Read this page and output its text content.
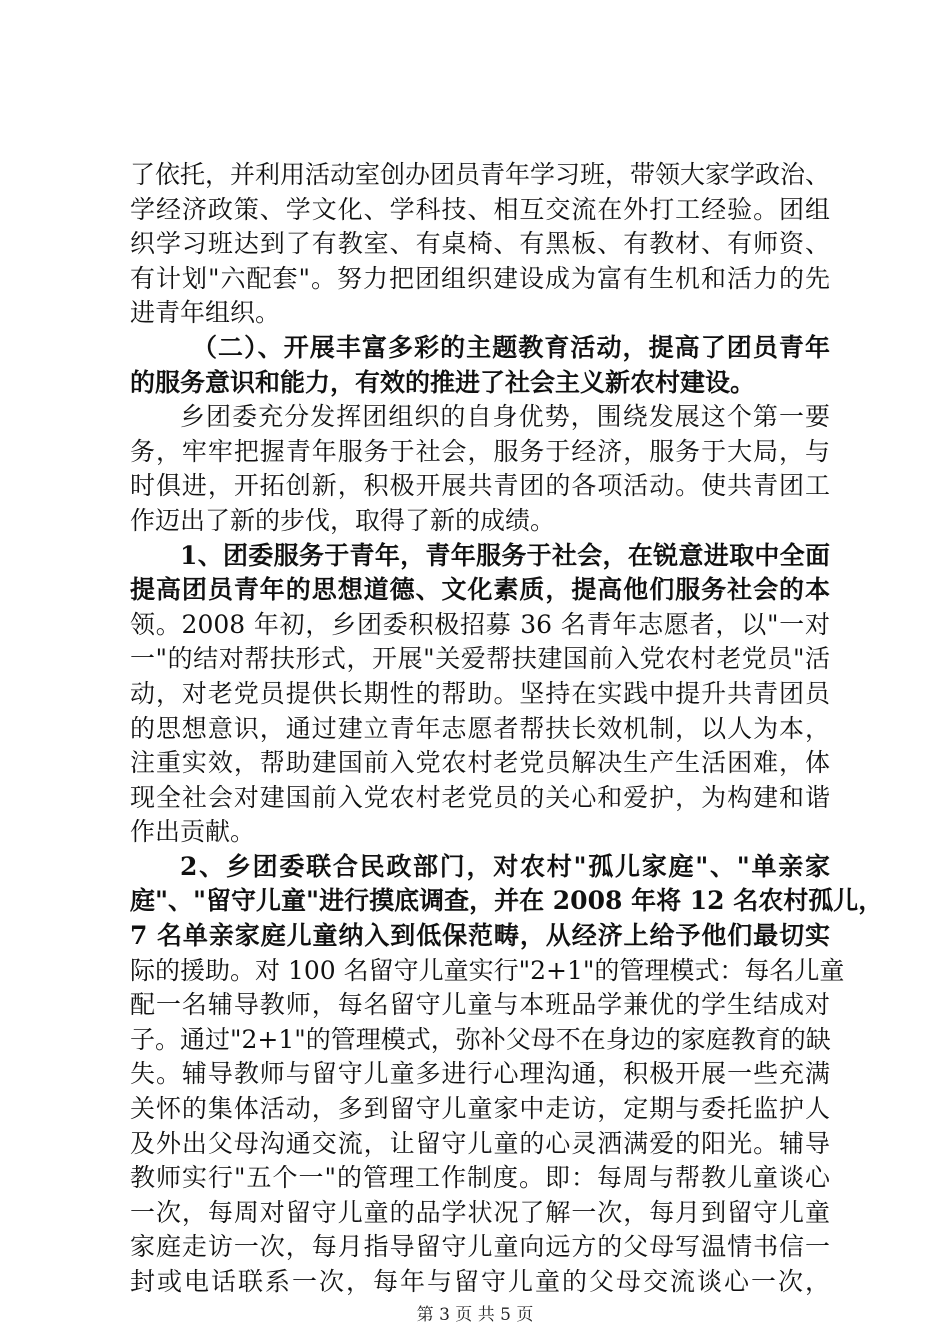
了依托，并利用活动室创办团员青年学习班，带领大家学政治、
学经济政策、学文化、学科技、相互交流在外打工经验。团组
织学习班达到了有教室、有桌椅、有黑板、有教材、有师资、
有计划"六配套"。努力把团组织建设成为富有生机和活力的先
进青年组织。
（二）、开展丰富多彩的主题教育活动，提高了团员青年
的服务意识和能力，有效的推进了社会主义新农村建设。
乡团委充分发挥团组织的自身优势，围绕发展这个第一要
务，牢牢把握青年服务于社会，服务于经济，服务于大局，与
时俱进，开拓创新，积极开展共青团的各项活动。使共青团工
作迈出了新的步伐，取得了新的成绩。
1、团委服务于青年，青年服务于社会，在锐意进取中全面
提高团员青年的思想道德、文化素质，提高他们服务社会的本
领。2008 年初，乡团委积极招募 36 名青年志愿者，以"一对
一"的结对帮扶形式，开展"关爱帮扶建国前入党农村老党员"活
动，对老党员提供长期性的帮助。坚持在实践中提升共青团员
的思想意识，通过建立青年志愿者帮扶长效机制，以人为本，
注重实效，帮助建国前入党农村老党员解决生产生活困难，体
现全社会对建国前入党农村老党员的关心和爱护，为构建和谐
作出贡献。
2、乡团委联合民政部门，对农村"孤儿家庭"、"单亲家
庭"、"留守儿童"进行摸底调查，并在 2008 年将 12 名农村孤儿，
7 名单亲家庭儿童纳入到低保范畴，从经济上给予他们最切实
际的援助。对 100 名留守儿童实行"2+1"的管理模式：每名儿童
配一名辅导教师，每名留守儿童与本班品学兼优的学生结成对
子。通过"2+1"的管理模式，弥补父母不在身边的家庭教育的缺
失。辅导教师与留守儿童多进行心理沟通，积极开展一些充满
关怀的集体活动，多到留守儿童家中走访，定期与委托监护人
及外出父母沟通交流，让留守儿童的心灵洒满爱的阳光。辅导
教师实行"五个一"的管理工作制度。即：每周与帮教儿童谈心
一次，每周对留守儿童的品学状况了解一次，每月到留守儿童
家庭走访一次，每月指导留守儿童向远方的父母写温情书信一
封或电话联系一次，每年与留守儿童的父母交流谈心一次，
第 3 页 共 5 页
